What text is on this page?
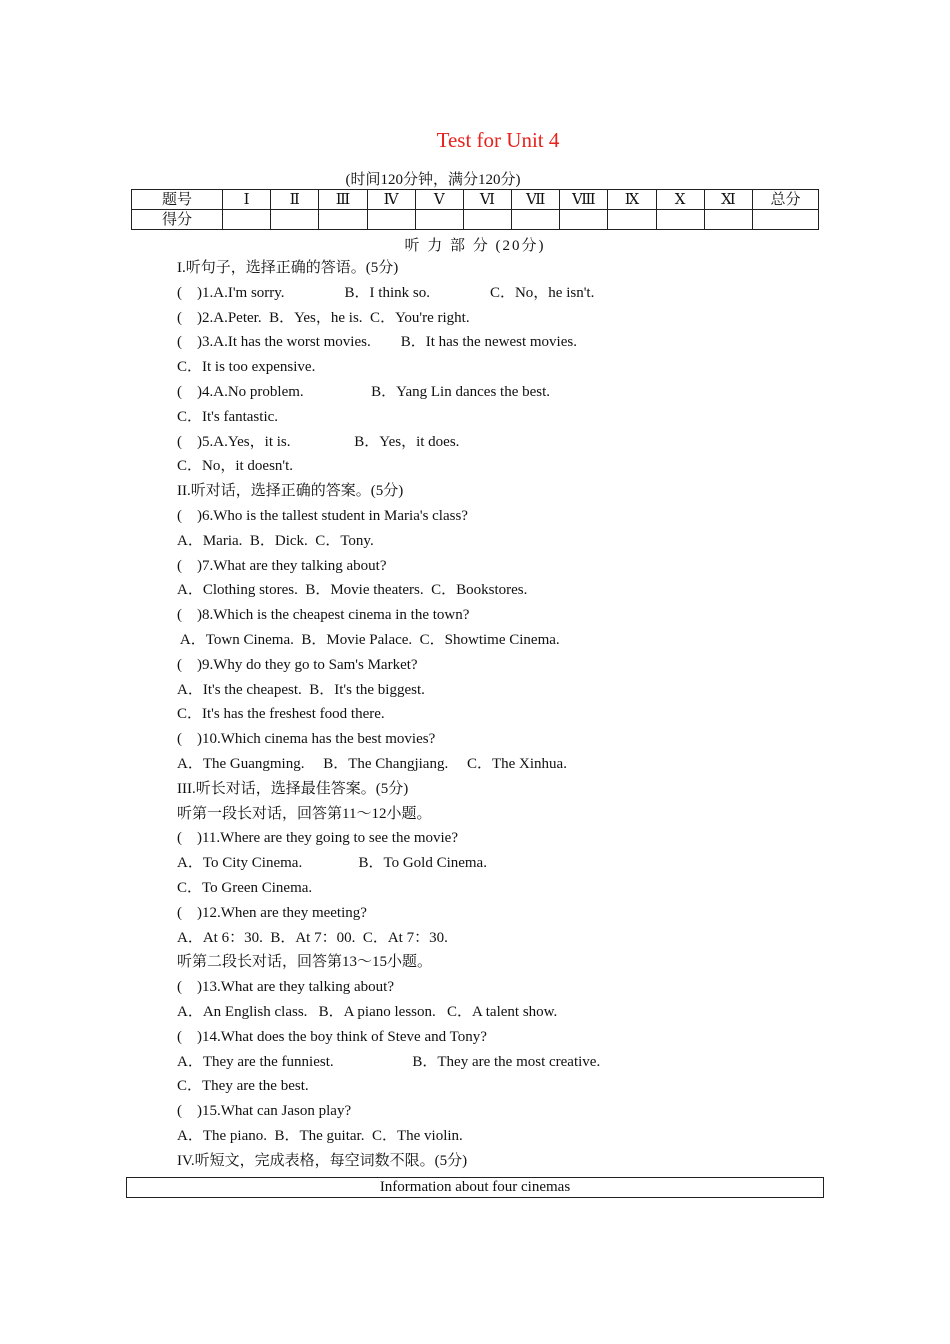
Test for Unit 4
(时间120分钟，满分120分)
题号	Ⅰ	Ⅱ	Ⅲ	Ⅳ	Ⅴ	Ⅵ	Ⅶ	Ⅷ	Ⅸ	Ⅹ	Ⅺ	总分
得分												
听 力 部 分 (20分)
I.听句子，选择正确的答语。(5分)
(    )1.A.I'm sorry.                B．I think so.                C．No，he isn't.
(    )2.A.Peter.  B．Yes，he is.  C．You're right.
(    )3.A.It has the worst movies.        B．It has the newest movies.
C．It is too expensive.
(    )4.A.No problem.                  B．Yang Lin dances the best.
C．It's fantastic.
(    )5.A.Yes，it is.                 B．Yes，it does.
C．No，it doesn't.
II.听对话，选择正确的答案。(5分)
(    )6.Who is the tallest student in Maria's class?
A．Maria.  B．Dick.  C．Tony.
(    )7.What are they talking about?
A．Clothing stores.  B．Movie theaters.  C．Bookstores.
(    )8.Which is the cheapest cinema in the town?
A．Town Cinema.  B．Movie Palace.  C．Showtime Cinema.
(    )9.Why do they go to Sam's Market?
A．It's the cheapest.  B．It's the biggest.
C．It's has the freshest food there.
(    )10.Which cinema has the best movies?
A．The Guangming.     B．The Changjiang.     C．The Xinhua.
III.听长对话，选择最佳答案。(5分)
听第一段长对话，回答第11～12小题。
(    )11.Where are they going to see the movie?
A．To City Cinema.               B．To Gold Cinema.
C．To Green Cinema.
(    )12.When are they meeting?
A．At 6：30.  B．At 7：00.  C．At 7：30.
听第二段长对话，回答第13～15小题。
(    )13.What are they talking about?
A．An English class.   B．A piano lesson.   C．A talent show.
(    )14.What does the boy think of Steve and Tony?
A．They are the funniest.                     B．They are the most creative.
C．They are the best.
(    )15.What can Jason play?
A．The piano.  B．The guitar.  C．The violin.
IV.听短文，完成表格，每空词数不限。(5分)
Information about four cinemas
